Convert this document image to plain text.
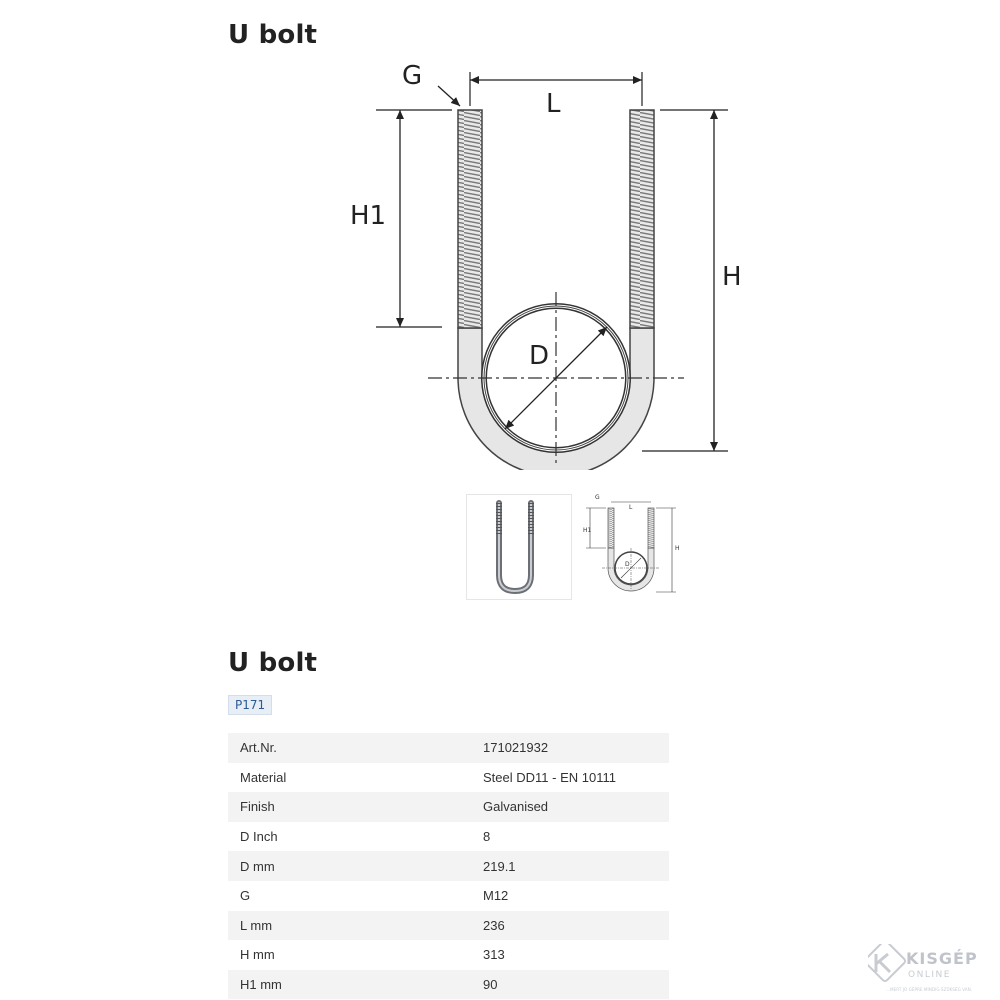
U bolt
G
L
H1
H
D
G
L
H1
H
D
U bolt
P171
Art.Nr.	171021932
Material	Steel DD11 - EN 10111
Finish	Galvanised
D Inch	8
D mm	219.1
G	M12
L mm	236
H mm	313
H1 mm	90
KISGÉP
ONLINE
...MERT JÓ GÉPRE MINDIG SZÜKSÉG VAN.
